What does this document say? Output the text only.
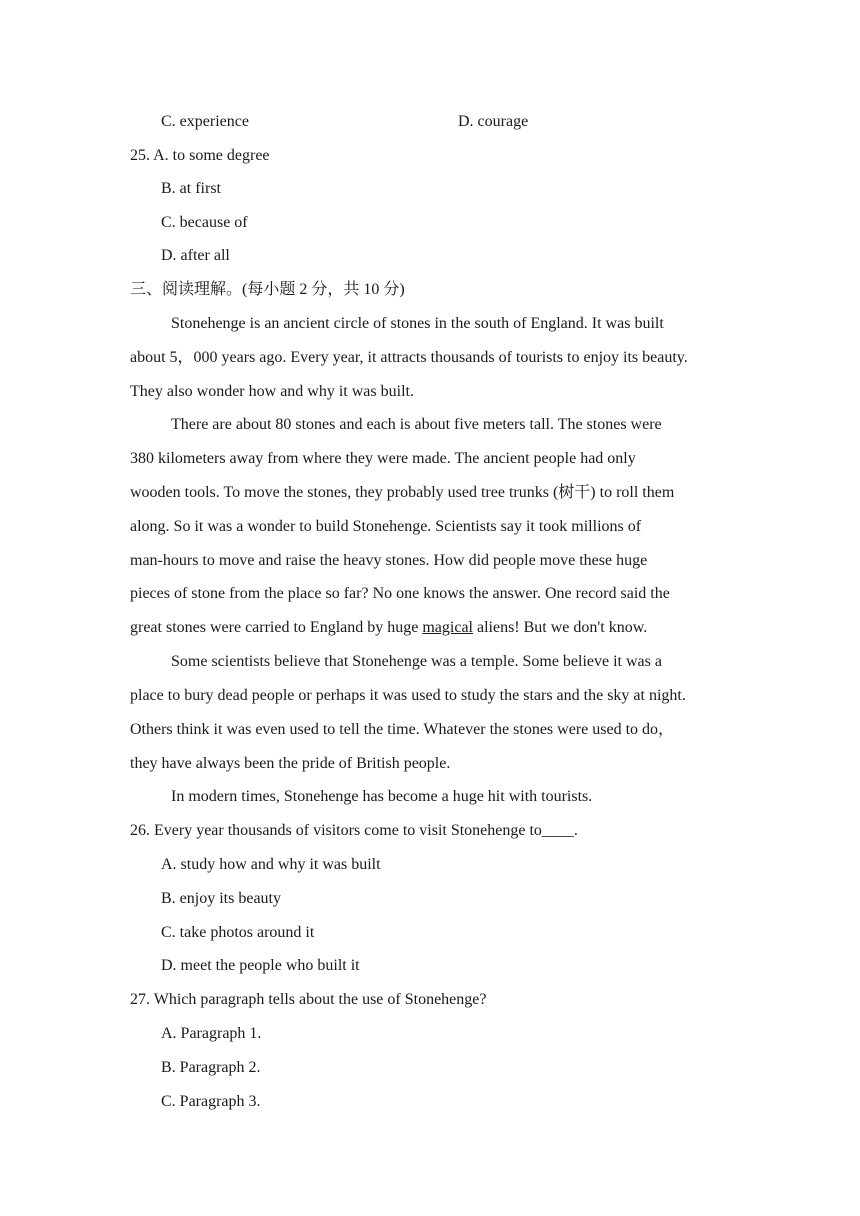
C. experience	D. courage
25. A. to some degree
B. at first
C. because of
D. after all
三、阅读理解。(每小题 2 分，共 10 分)
Stonehenge is an ancient circle of stones in the south of England. It was built
about 5，000 years ago. Every year, it attracts thousands of tourists to enjoy its beauty.
They also wonder how and why it was built.
There are about 80 stones and each is about five meters tall. The stones were
380 kilometers away from where they were made. The ancient people had only
wooden tools. To move the stones, they probably used tree trunks (树干) to roll them
along. So it was a wonder to build Stonehenge. Scientists say it took millions of
man-hours to move and raise the heavy stones. How did people move these huge
pieces of stone from the place so far? No one knows the answer. One record said the
great stones were carried to England by huge magical aliens! But we don't know.
Some scientists believe that Stonehenge was a temple. Some believe it was a
place to bury dead people or perhaps it was used to study the stars and the sky at night.
Others think it was even used to tell the time. Whatever the stones were used to do，
they have always been the pride of British people.
In modern times, Stonehenge has become a huge hit with tourists.
26. Every year thousands of visitors come to visit Stonehenge to____.
A. study how and why it was built
B. enjoy its beauty
C. take photos around it
D. meet the people who built it
27. Which paragraph tells about the use of Stonehenge?
A. Paragraph 1.
B. Paragraph 2.
C. Paragraph 3.
